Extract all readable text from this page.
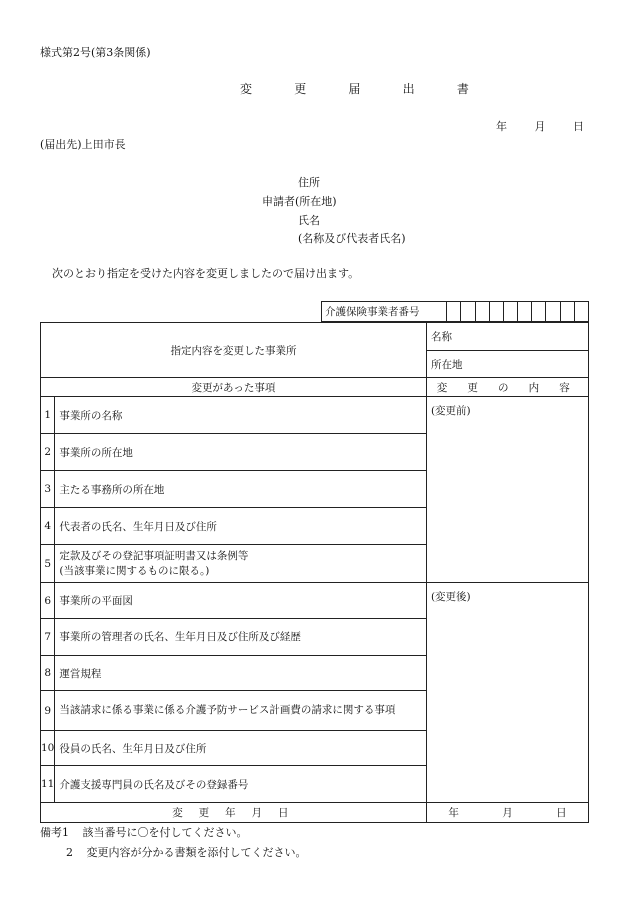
様式第2号(第3条関係)
変 更 届 出 書
年	月	日
(届出先)上田市長
住所
申請者(所在地)
氏名
(名称及び代表者氏名)
次のとおり指定を受けた内容を変更しましたので届け出ます。
介護保険事業者番号										
指定内容を変更した事業所		名称
		所在地
変更があった事項		変 更 の 内 容
1	事業所の名称	(変更前)
2	事業所の所在地	
3	主たる事務所の所在地	
4	代表者の氏名、生年月日及び住所	
5	定款及びその登記事項証明書又は条例等
(当該事業に関するものに限る。)	
6	事業所の平面図	(変更後)
7	事業所の管理者の氏名、生年月日及び住所及び経歴	
8	運営規程	
9	当該請求に係る事業に係る介護予防サービス計画費の請求に関する事項	
10	役員の氏名、生年月日及び住所	
11	介護支援専門員の氏名及びその登録番号	
変 更 年 月 日		年 月 日
備考1 該当番号に〇を付してください。
2 変更内容が分かる書類を添付してください。
